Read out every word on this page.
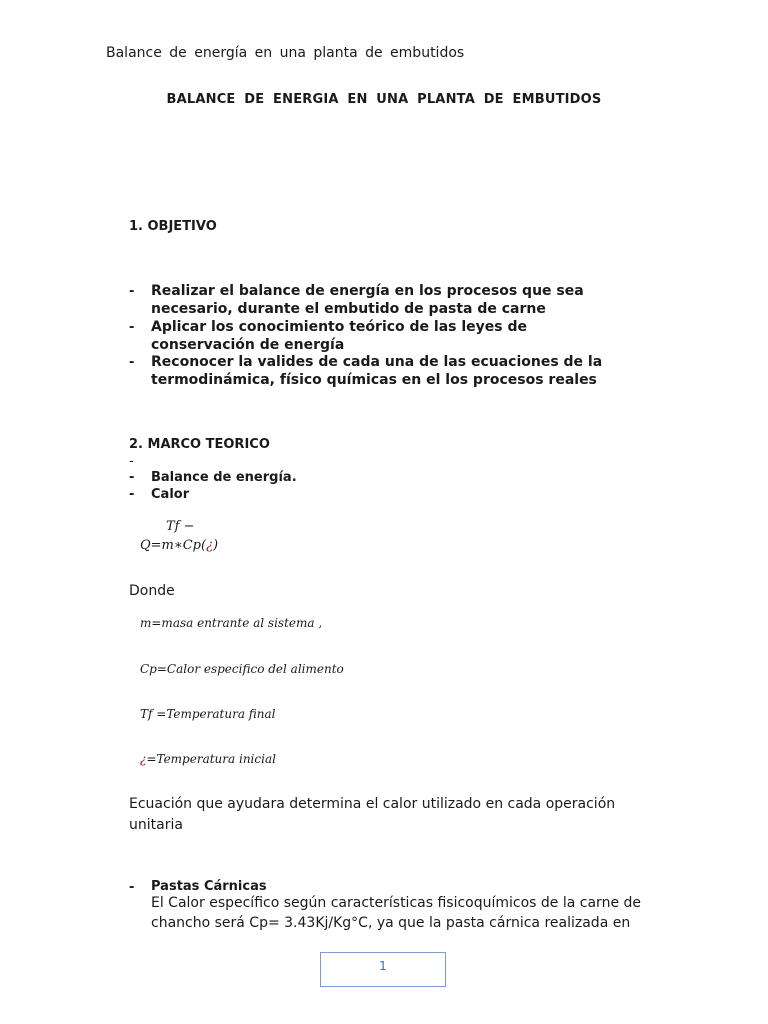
Balance de energía en una planta de embutidos
BALANCE DE ENERGIA EN UNA PLANTA DE EMBUTIDOS
1. OBJETIVO
- Realizar el balance de energía en los procesos que sea
necesario, durante el embutido de pasta de carne
- Aplicar los conocimiento teórico de las leyes de
conservación de energía
- Reconocer la valides de cada una de las ecuaciones de la
termodinámica, físico químicas en el los procesos reales
2. MARCO TEORICO
-
- Balance de energía.
- Calor
Tf −
Q=m∗Cp(¿)
Donde
m=masa entrante al sistema ,
Cp=Calor especifico del alimento
Tf =Temperatura final
¿=Temperatura inicial
Ecuación que ayudara determina el calor utilizado en cada operación
unitaria
- Pastas Cárnicas
El Calor específico según características fisicoquímicos de la carne de
chancho será Cp= 3.43Kj/Kg°C, ya que la pasta cárnica realizada en
1
